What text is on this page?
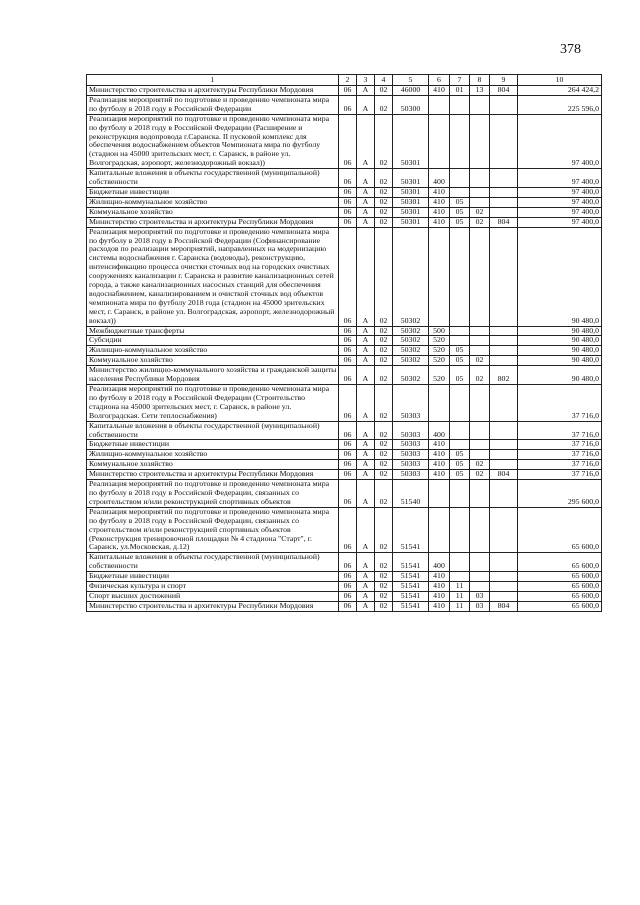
378
1	2	3	4	5	6	7	8	9	10
Министерство строительства и архитектуры Республики Мордовия	06	А	02	46000	410	01	13	804	264 424,2
Реализация мероприятий по подготовке и проведению чемпионата мира по футболу в 2018 году в Российской Федерации	06	А	02	50300					225 596,0
Реализация мероприятий по подготовке и проведению чемпионата мира по футболу в 2018 году в Российской Федерации (Расширение и реконструкция водопровода г.Саранска. II пусковой комплекс для обеспечения водоснабжением объектов Чемпионата мира по футболу (стадион на 45000 зрительских мест, г. Саранск, в районе ул. Волгоградская, аэропорт, железнодорожный вокзал))	06	А	02	50301					97 400,0
Капитальные вложения в объекты государственной (муниципальной) собственности	06	А	02	50301	400				97 400,0
Бюджетные инвестиции	06	А	02	50301	410				97 400,0
Жилищно-коммунальное хозяйство	06	А	02	50301	410	05			97 400,0
Коммунальное хозяйство	06	А	02	50301	410	05	02		97 400,0
Министерство строительства и архитектуры Республики Мордовия	06	А	02	50301	410	05	02	804	97 400,0
Реализация мероприятий по подготовке и проведению чемпионата мира по футболу в 2018 году в Российской Федерации (Софинансирование расходов по реализации мероприятий, направленных на модернизацию системы водоснабжения г. Саранска (водоводы), реконструкцию, интенсификацию процесса очистки сточных вод на городских очистных сооружениях канализации г. Саранска и развитие канализационных сетей города, а также канализационных насосных станций для обеспечения водоснабжением, канализированием и очисткой сточных вод объектов чемпионата мира по футболу 2018 года (стадион на 45000 зрительских мест, г. Саранск, в районе ул. Волгоградская, аэропорт, железнодорожный вокзал))	06	А	02	50302					90 480,0
Межбюджетные трансферты	06	А	02	50302	500				90 480,0
Субсидии	06	А	02	50302	520				90 480,0
Жилищно-коммунальное хозяйство	06	А	02	50302	520	05			90 480,0
Коммунальное хозяйство	06	А	02	50302	520	05	02		90 480,0
Министерство жилищно-коммунального хозяйства и гражданской защиты населения Республики Мордовия	06	А	02	50302	520	05	02	802	90 480,0
Реализация мероприятий по подготовке и проведению чемпионата мира по футболу в 2018 году в Российской Федерации (Строительство стадиона на 45000 зрительских мест, г. Саранск, в районе ул. Волгоградская. Сети теплоснабжения)	06	А	02	50303					37 716,0
Капитальные вложения в объекты государственной (муниципальной) собственности	06	А	02	50303	400				37 716,0
Бюджетные инвестиции	06	А	02	50303	410				37 716,0
Жилищно-коммунальное хозяйство	06	А	02	50303	410	05			37 716,0
Коммунальное хозяйство	06	А	02	50303	410	05	02		37 716,0
Министерство строительства и архитектуры Республики Мордовия	06	А	02	50303	410	05	02	804	37 716,0
Реализация мероприятий по подготовке и проведению чемпионата мира по футболу в 2018 году в Российской Федерации, связанных со строительством и/или реконструкцией спортивных объектов	06	А	02	51540					295 600,0
Реализация мероприятий по подготовке и проведению чемпионата мира по футболу в 2018 году в Российской Федерации, связанных со строительством и/или реконструкцией спортивных объектов (Реконструкция тренировочной площадки № 4 стадиона "Старт", г. Саранск, ул.Московская, д.12)	06	А	02	51541					65 600,0
Капитальные вложения в объекты государственной (муниципальной) собственности	06	А	02	51541	400				65 600,0
Бюджетные инвестиции	06	А	02	51541	410				65 600,0
Физическая культура и спорт	06	А	02	51541	410	11			65 600,0
Спорт высших достижений	06	А	02	51541	410	11	03		65 600,0
Министерство строительства и архитектуры Республики Мордовия	06	А	02	51541	410	11	03	804	65 600,0
